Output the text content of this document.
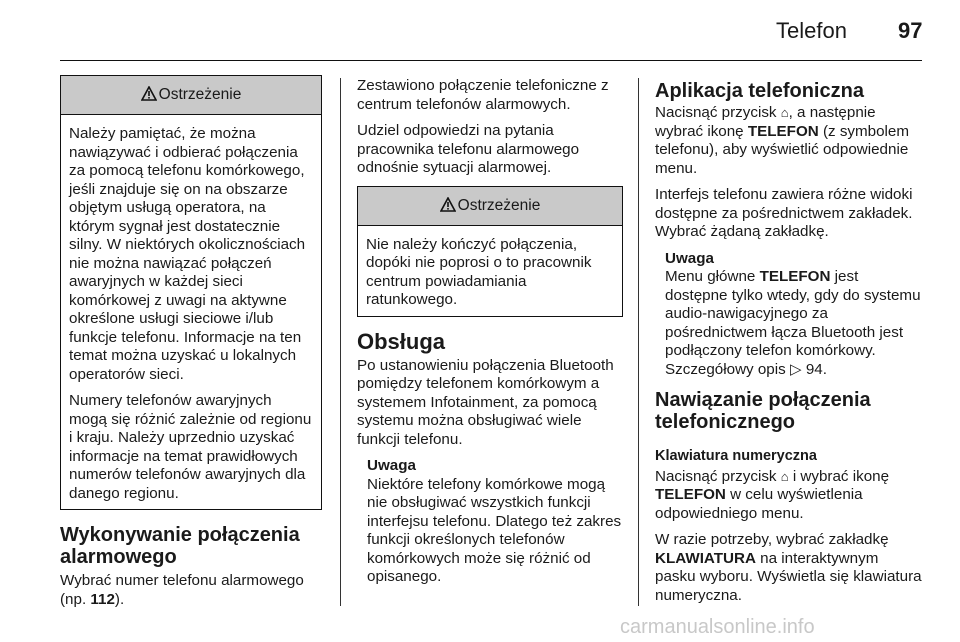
Telefon 97
Ostrzeżenie

Należy pamiętać, że można nawiązywać i odbierać połączenia za pomocą telefonu komórkowego, jeśli znajduje się on na obszarze objętym usługą operatora, na którym sygnał jest dostatecznie silny. W niektórych okolicznościach nie można nawiązać połączeń awaryjnych w każdej sieci komórkowej z uwagi na aktywne określone usługi sieciowe i/lub funkcje telefonu. Informacje na ten temat można uzyskać u lokalnych operatorów sieci.

Numery telefonów awaryjnych mogą się różnić zależnie od regionu i kraju. Należy uprzednio uzyskać informacje na temat prawidłowych numerów telefonów awaryjnych dla danego regionu.

Wykonywanie połączenia alarmowego

Wybrać numer telefonu alarmowego (np. 112).

Zestawiono połączenie telefoniczne z centrum telefonów alarmowych.

Udziel odpowiedzi na pytania pracownika telefonu alarmowego odnośnie sytuacji alarmowej.

Ostrzeżenie

Nie należy kończyć połączenia, dopóki nie poprosi o to pracownik centrum powiadamiania ratunkowego.

Obsługa

Po ustanowieniu połączenia Bluetooth pomiędzy telefonem komórkowym a systemem Infotainment, za pomocą systemu można obsługiwać wiele funkcji telefonu.

Uwaga
Niektóre telefony komórkowe mogą nie obsługiwać wszystkich funkcji interfejsu telefonu. Dlatego też zakres funkcji określonych telefonów komórkowych może się różnić od opisanego.
Aplikacja telefoniczna

Nacisnąć przycisk ⌂, a następnie wybrać ikonę TELEFON (z symbolem telefonu), aby wyświetlić odpowiednie menu.

Interfejs telefonu zawiera różne widoki dostępne za pośrednictwem zakładek. Wybrać żądaną zakładkę.

Uwaga
Menu główne TELEFON jest dostępne tylko wtedy, gdy do systemu audio-nawigacyjnego za pośrednictwem łącza Bluetooth jest podłączony telefon komórkowy. Szczegółowy opis ▷ 94.
Nawiązanie połączenia telefonicznego
Klawiatura numeryczna

Nacisnąć przycisk ⌂ i wybrać ikonę TELEFON w celu wyświetlenia odpowiedniego menu.

W razie potrzeby, wybrać zakładkę KLAWIATURA na interaktywnym pasku wyboru. Wyświetla się klawiatura numeryczna.

carmanualsonline.info
